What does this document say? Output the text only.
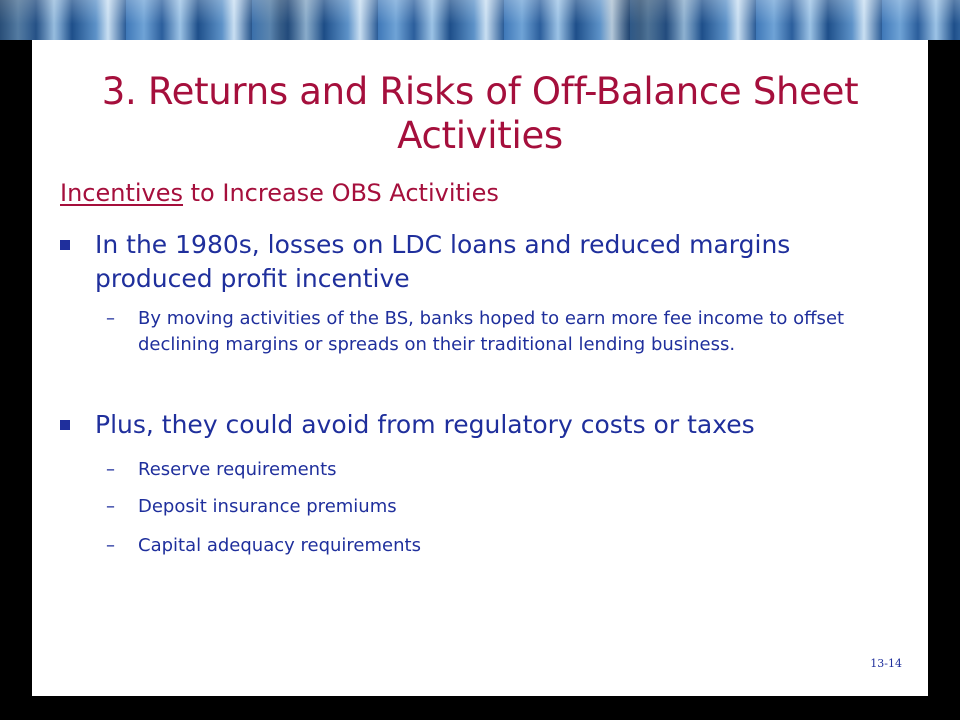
3. Returns and Risks of Off-Balance Sheet Activities
Incentives to Increase OBS Activities
In the 1980s, losses on LDC loans and reduced margins produced profit incentive
– By moving activities of the BS, banks hoped to earn more fee income to offset declining margins or spreads on their traditional lending business.
Plus, they could avoid from regulatory costs or taxes
– Reserve requirements
– Deposit insurance premiums
– Capital adequacy requirements
13-14
